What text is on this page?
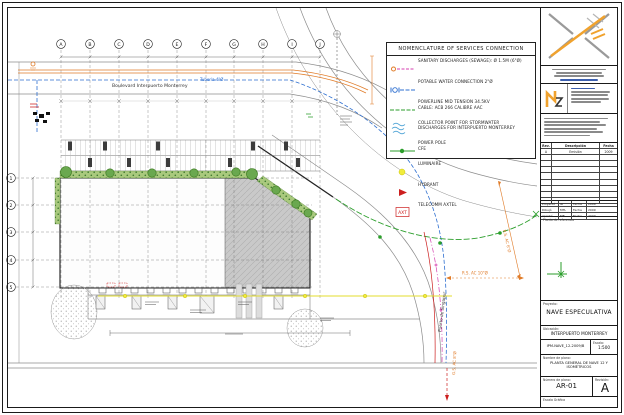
A	B	C	D	E	F	G	H	I	J
1
2
3
4
5
Boulevard Interpuerto Monterrey
Tubería 4"Ø
Puerto de Singapur
R.S. AC 6"Ø
R.S. AC 10"Ø
G.S. AC 8"Ø
NOMENCLATURE OF SERVICES CONNECTION
SANITARY DISCHARGES (SEWAGE): Ø 1.5M (6"Ø)
POTABLE WATER CONNECTION 2"Ø
POWERLINE MID TENSION 34.5KV
CABLE: ACB 266 CALIBRE AAC
COLLECTOR POINT FOR STORMWATER
DISCHARGES FOR INTERPUERTO MONTERREY
POWER POLE
CFE
LUMINAIRE
HYDRANT
AXT
TELECOMM AXTEL
Rev.	Descripción	Fecha
A	Emisión	2009
Proyectó	IR	Fecha	2009
Dibujó	MTL	Fecha	2009
Aprobó	MB	Fecha	2009
Planta de referencia
Proyecto:
NAVE ESPECULATIVA
Ubicación:
INTERPUERTO MONTERREY
IPM-NAVE_12-2009/B
Escala:
1:500
Nombre de plano:
PLANTA GENERAL DE NAVE 12 Y ISOMÉTRICOS
Número de plano:
AR-01
Revisión:
A
Escala Gráfica
